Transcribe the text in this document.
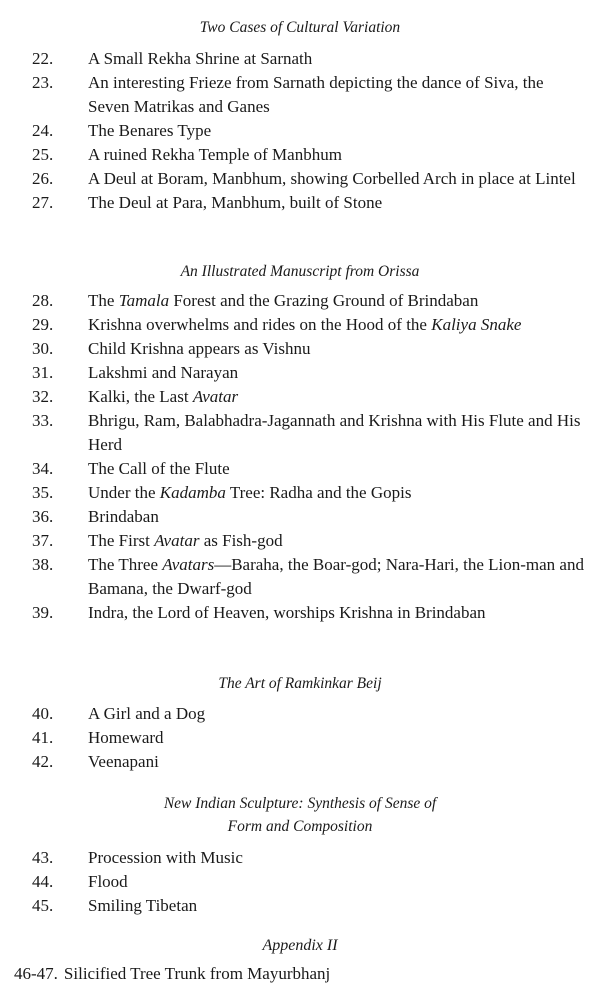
Two Cases of Cultural Variation

22.	A Small Rekha Shrine at Sarnath
23.	An interesting Frieze from Sarnath depicting the dance of Siva, the Seven Matrikas and Ganes
24.	The Benares Type
25.	A ruined Rekha Temple of Manbhum
26.	A Deul at Boram, Manbhum, showing Corbelled Arch in place at Lintel
27.	The Deul at Para, Manbhum, built of Stone

An Illustrated Manuscript from Orissa

28.	The Tamala Forest and the Grazing Ground of Brindaban
29.	Krishna overwhelms and rides on the Hood of the Kaliya Snake
30.	Child Krishna appears as Vishnu
31.	Lakshmi and Narayan
32.	Kalki, the Last Avatar
33.	Bhrigu, Ram, Balabhadra-Jagannath and Krishna with His Flute and His Herd
34.	The Call of the Flute
35.	Under the Kadamba Tree: Radha and the Gopis
36.	Brindaban
37.	The First Avatar as Fish-god
38.	The Three Avatars—Baraha, the Boar-god; Nara-Hari, the Lion-man and Bamana, the Dwarf-god
39.	Indra, the Lord of Heaven, worships Krishna in Brindaban

The Art of Ramkinkar Beij

40.	A Girl and a Dog
41.	Homeward
42.	Veenapani

New Indian Sculpture: Synthesis of Sense of Form and Composition

43.	Procession with Music
44.	Flood
45.	Smiling Tibetan

Appendix II

46-47. Silicified Tree Trunk from Mayurbhanj
